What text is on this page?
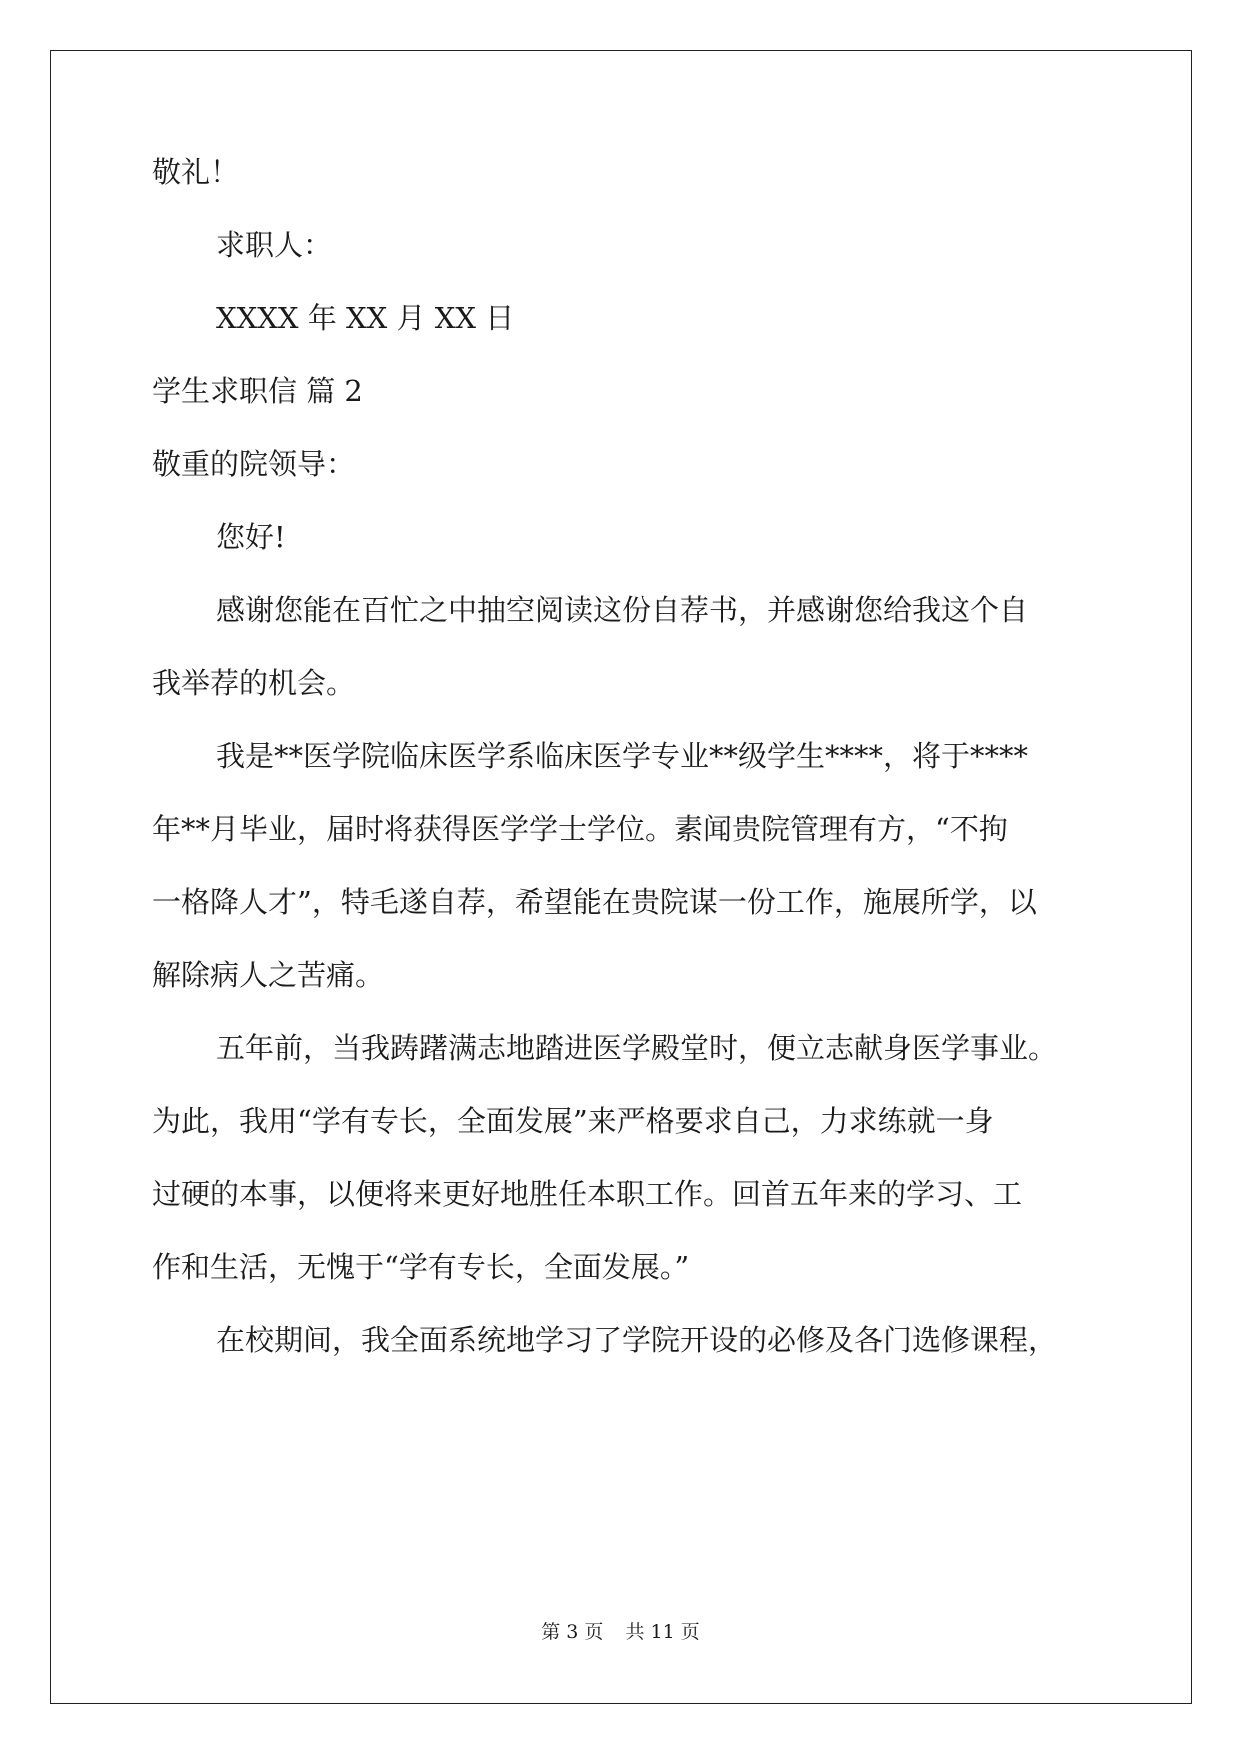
敬礼！
求职人：
XXXX 年 XX 月 XX 日
学生求职信 篇 2
敬重的院领导：
您好!
感谢您能在百忙之中抽空阅读这份自荐书，并感谢您给我这个自
我举荐的机会。
我是**医学院临床医学系临床医学专业**级学生****，将于****
年**月毕业，届时将获得医学学士学位。素闻贵院管理有方，“不拘
一格降人才”，特毛遂自荐，希望能在贵院谋一份工作，施展所学，以
解除病人之苦痛。
五年前，当我踌躇满志地踏进医学殿堂时，便立志献身医学事业。
为此，我用“学有专长，全面发展”来严格要求自己，力求练就一身
过硬的本事，以便将来更好地胜任本职工作。回首五年来的学习、工
作和生活，无愧于“学有专长，全面发展。”
在校期间，我全面系统地学习了学院开设的必修及各门选修课程，
第 3 页 共 11 页
